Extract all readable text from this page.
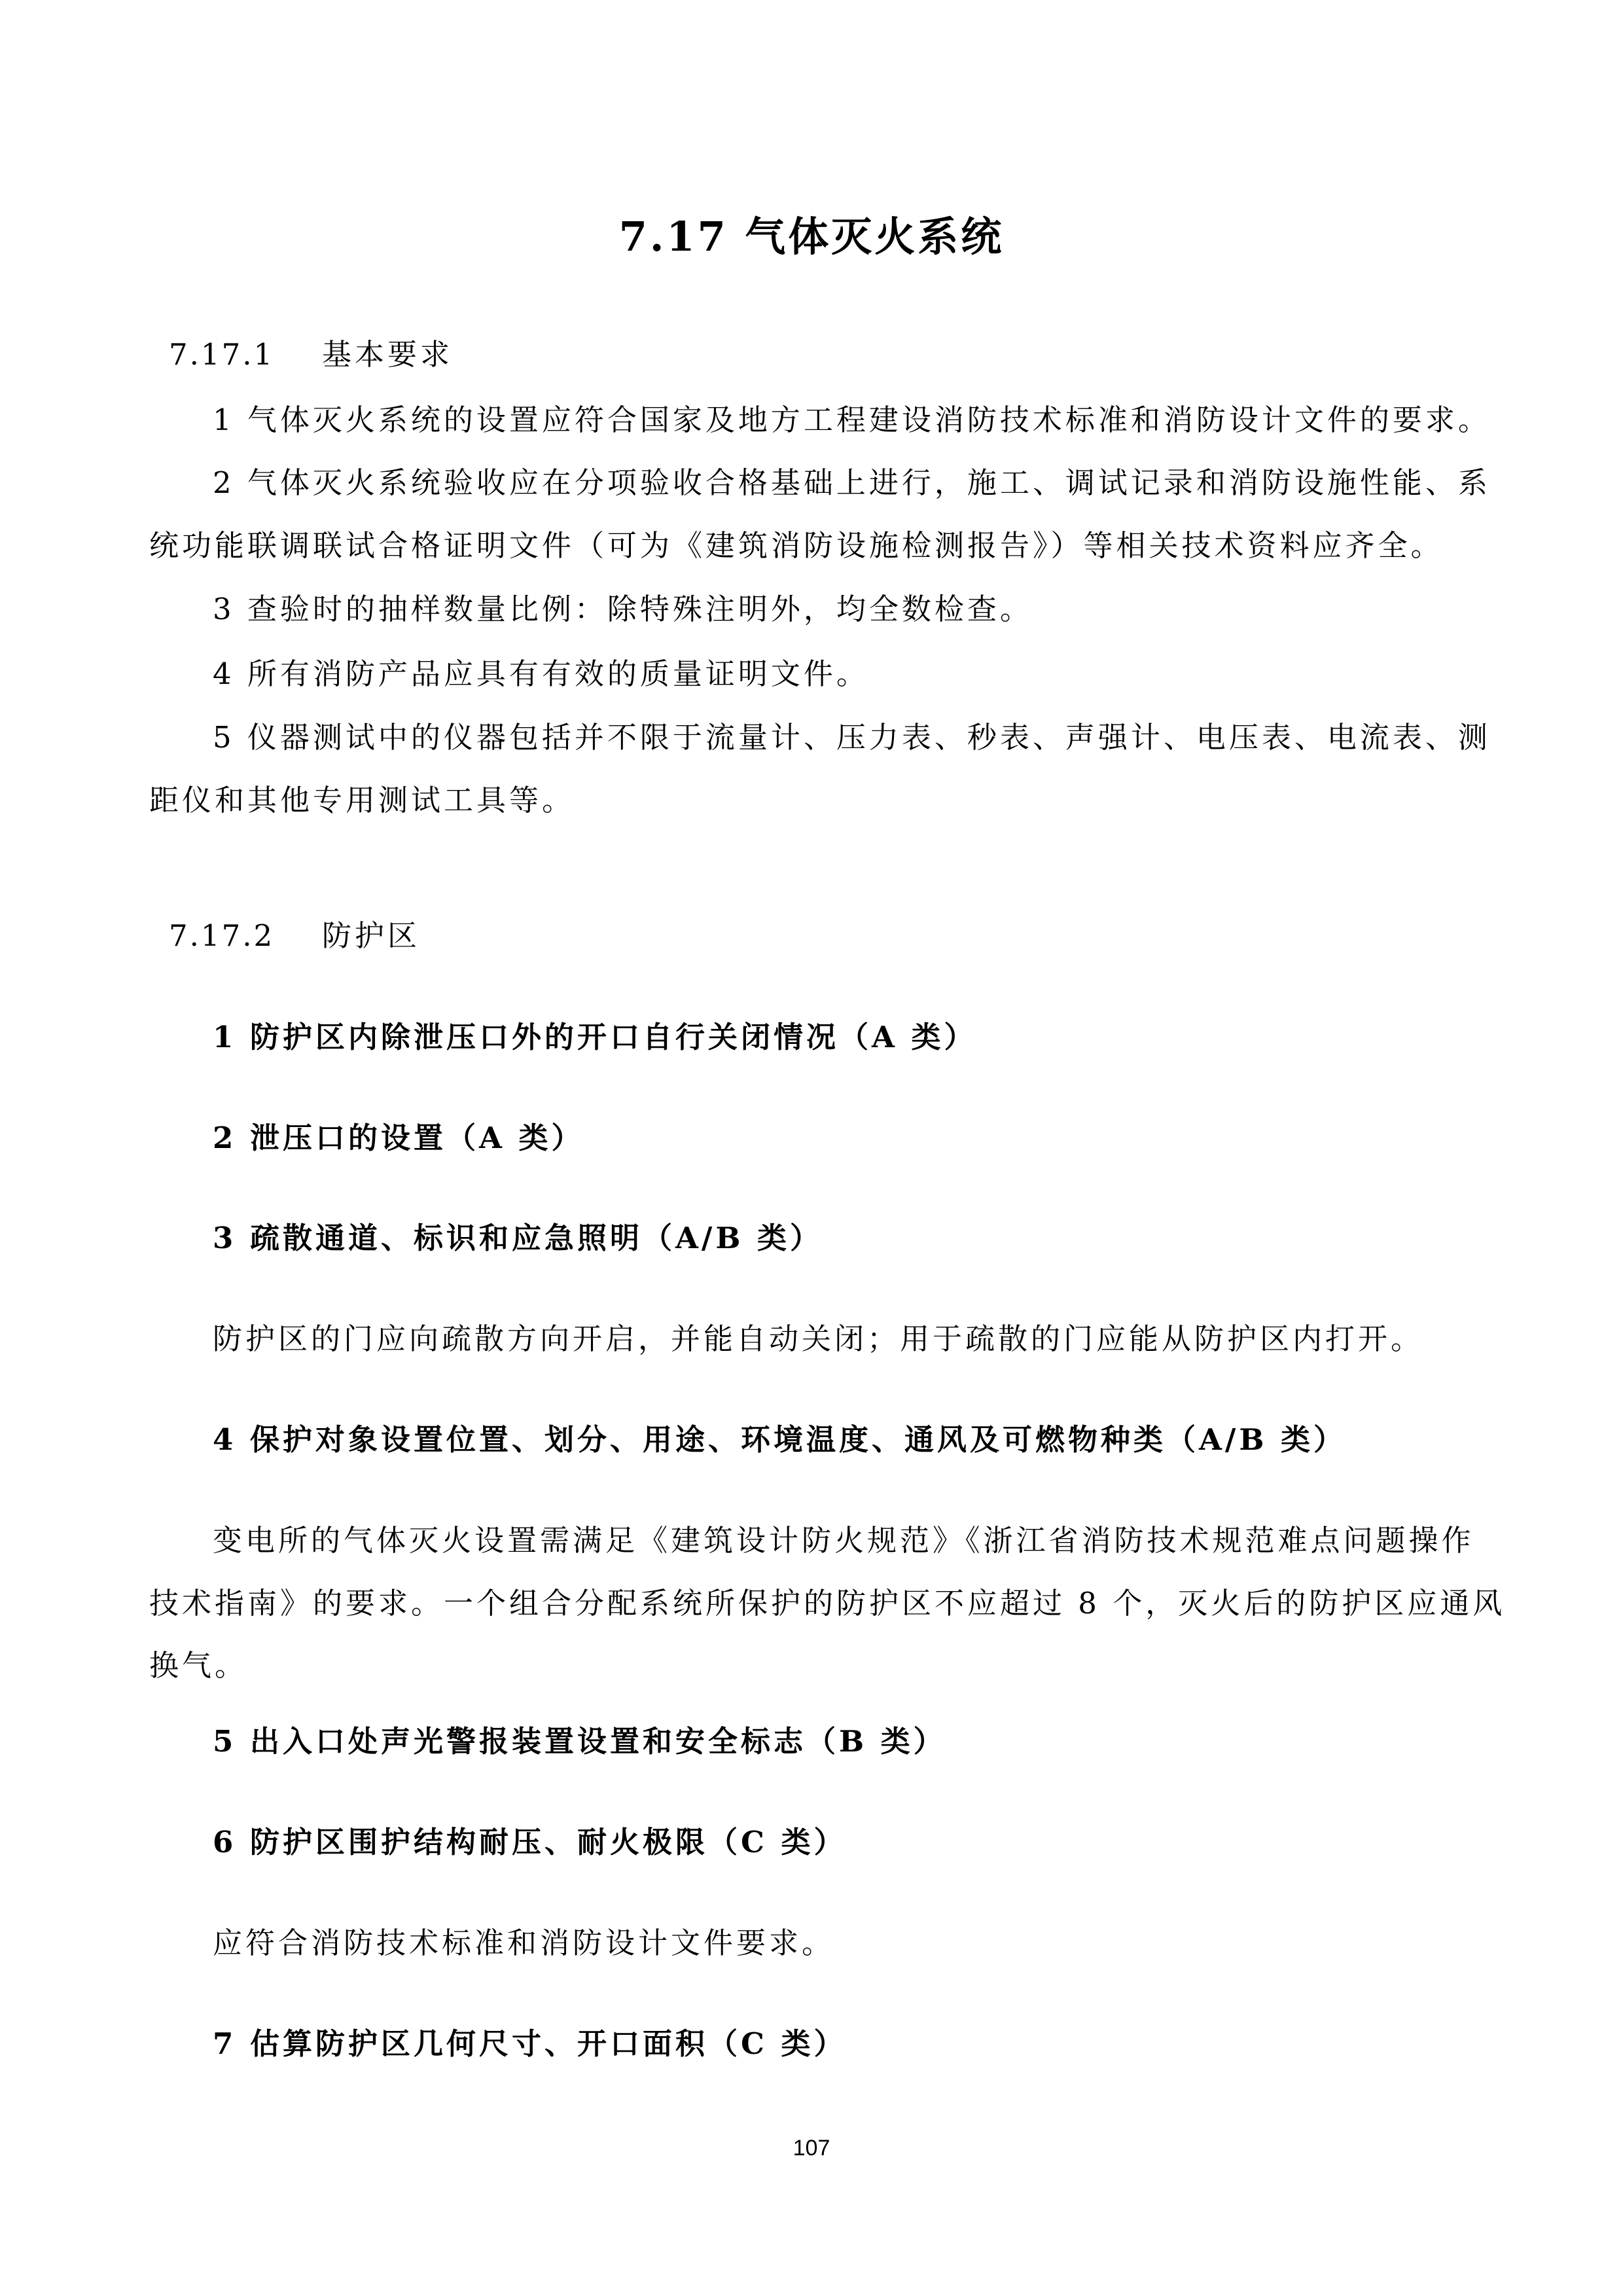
7.17 气体灭火系统
7.17.1 基本要求
1 气体灭火系统的设置应符合国家及地方工程建设消防技术标准和消防设计文件的要求。
2 气体灭火系统验收应在分项验收合格基础上进行，施工、调试记录和消防设施性能、系
统功能联调联试合格证明文件（可为《建筑消防设施检测报告》）等相关技术资料应齐全。
3 查验时的抽样数量比例：除特殊注明外，均全数检查。
4 所有消防产品应具有有效的质量证明文件。
5 仪器测试中的仪器包括并不限于流量计、压力表、秒表、声强计、电压表、电流表、测
距仪和其他专用测试工具等。
7.17.2 防护区
1 防护区内除泄压口外的开口自行关闭情况（A 类）
2 泄压口的设置（A 类）
3 疏散通道、标识和应急照明（A/B 类）
防护区的门应向疏散方向开启，并能自动关闭；用于疏散的门应能从防护区内打开。
4 保护对象设置位置、划分、用途、环境温度、通风及可燃物种类（A/B 类）
变电所的气体灭火设置需满足《建筑设计防火规范》《浙江省消防技术规范难点问题操作
技术指南》的要求。一个组合分配系统所保护的防护区不应超过 8 个，灭火后的防护区应通风
换气。
5 出入口处声光警报装置设置和安全标志（B 类）
6 防护区围护结构耐压、耐火极限（C 类）
应符合消防技术标准和消防设计文件要求。
7 估算防护区几何尺寸、开口面积（C 类）
107
